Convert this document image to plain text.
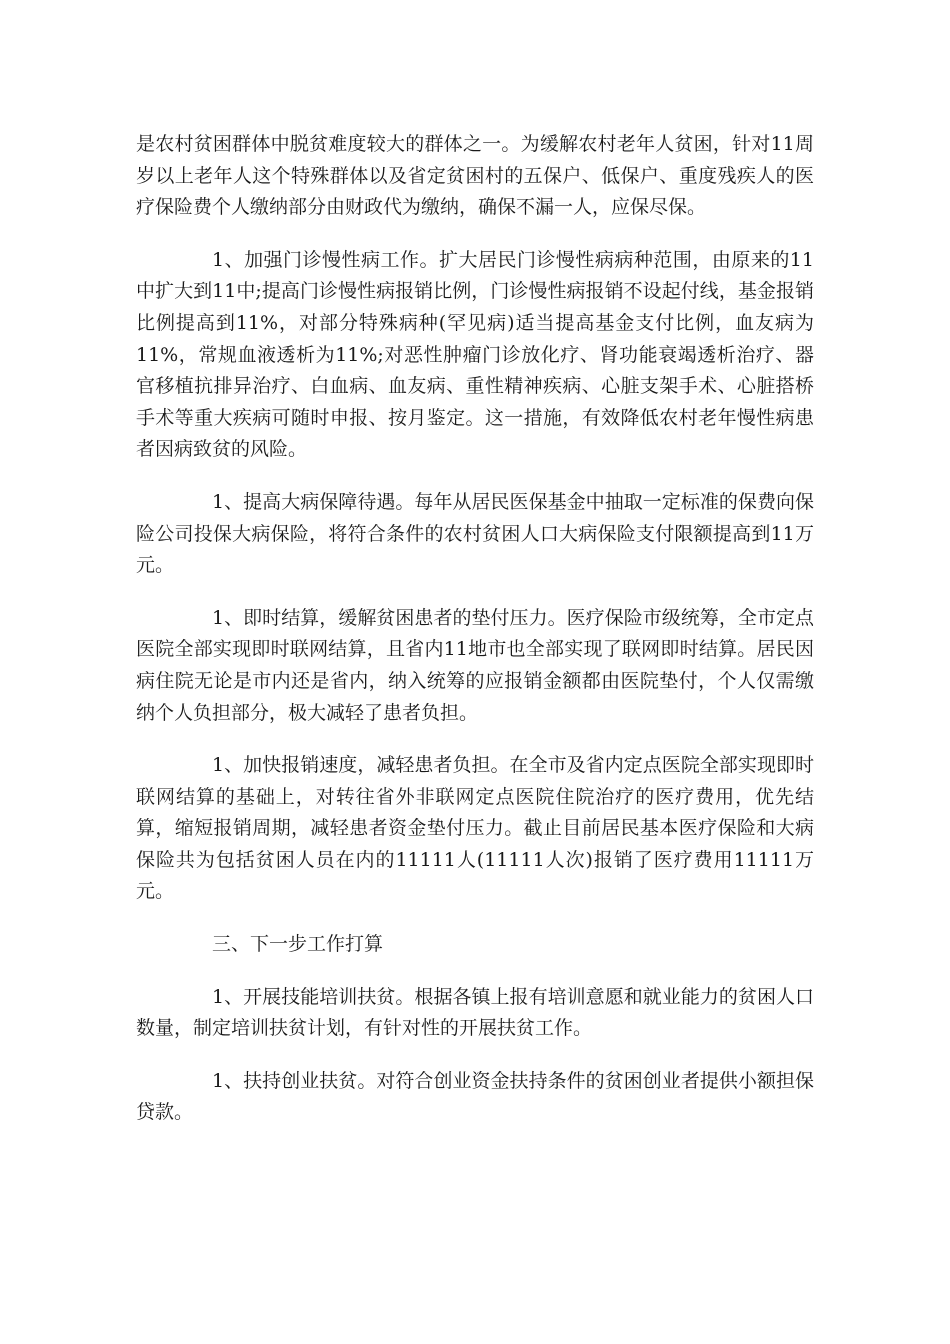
是农村贫困群体中脱贫难度较大的群体之一。为缓解农村老年人贫困，针对11周岁以上老年人这个特殊群体以及省定贫困村的五保户、低保户、重度残疾人的医疗保险费个人缴纳部分由财政代为缴纳，确保不漏一人，应保尽保。

1、加强门诊慢性病工作。扩大居民门诊慢性病病种范围，由原来的11中扩大到11中;提高门诊慢性病报销比例，门诊慢性病报销不设起付线，基金报销比例提高到11%，对部分特殊病种(罕见病)适当提高基金支付比例，血友病为11%，常规血液透析为11%;对恶性肿瘤门诊放化疗、肾功能衰竭透析治疗、器官移植抗排异治疗、白血病、血友病、重性精神疾病、心脏支架手术、心脏搭桥手术等重大疾病可随时申报、按月鉴定。这一措施，有效降低农村老年慢性病患者因病致贫的风险。

1、提高大病保障待遇。每年从居民医保基金中抽取一定标准的保费向保险公司投保大病保险，将符合条件的农村贫困人口大病保险支付限额提高到11万元。

1、即时结算，缓解贫困患者的垫付压力。医疗保险市级统筹，全市定点医院全部实现即时联网结算，且省内11地市也全部实现了联网即时结算。居民因病住院无论是市内还是省内，纳入统筹的应报销金额都由医院垫付，个人仅需缴纳个人负担部分，极大减轻了患者负担。

1、加快报销速度，减轻患者负担。在全市及省内定点医院全部实现即时联网结算的基础上，对转往省外非联网定点医院住院治疗的医疗费用，优先结算，缩短报销周期，减轻患者资金垫付压力。截止目前居民基本医疗保险和大病保险共为包括贫困人员在内的11111人(11111人次)报销了医疗费用11111万元。

三、下一步工作打算

1、开展技能培训扶贫。根据各镇上报有培训意愿和就业能力的贫困人口数量，制定培训扶贫计划，有针对性的开展扶贫工作。

1、扶持创业扶贫。对符合创业资金扶持条件的贫困创业者提供小额担保贷款。
